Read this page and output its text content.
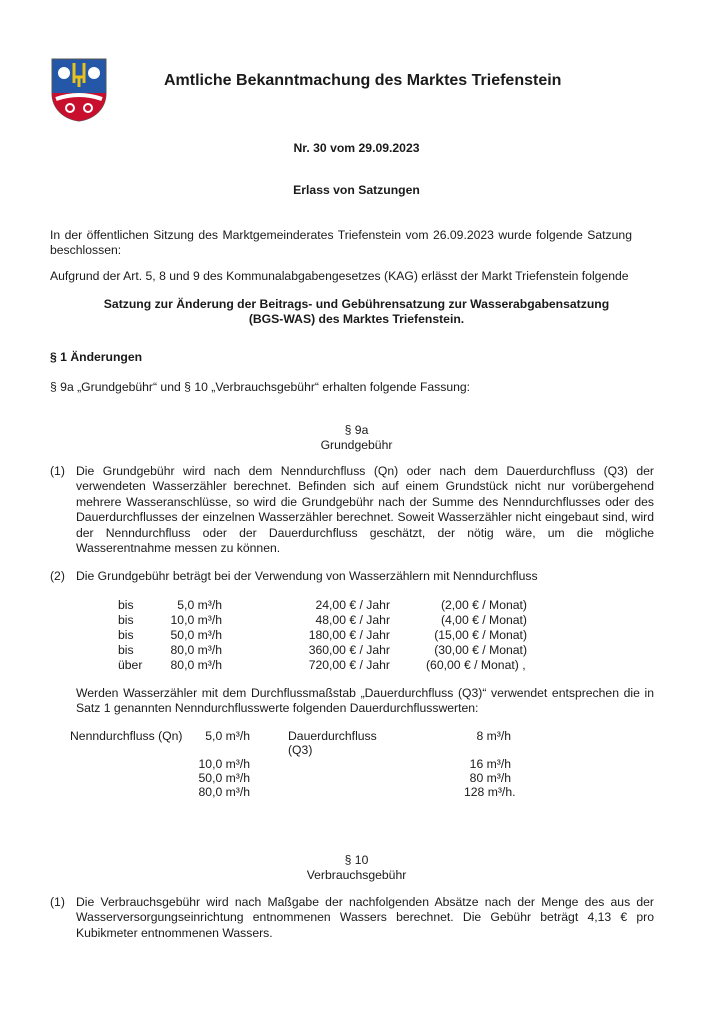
Amtliche Bekanntmachung des Marktes Triefenstein
Nr. 30 vom 29.09.2023
Erlass von Satzungen
In der öffentlichen Sitzung des Marktgemeinderates Triefenstein vom 26.09.2023 wurde folgende Satzung beschlossen:
Aufgrund der Art. 5, 8 und 9 des Kommunalabgabengesetzes (KAG) erlässt der Markt Triefenstein folgende
Satzung zur Änderung der Beitrags- und Gebührensatzung zur Wasserabgabensatzung
(BGS-WAS) des Marktes Triefenstein.
§ 1 Änderungen
§ 9a „Grundgebühr“ und § 10 „Verbrauchsgebühr“ erhalten folgende Fassung:
§ 9a
Grundgebühr
(1) Die Grundgebühr wird nach dem Nenndurchfluss (Qn) oder nach dem Dauerdurchfluss (Q3) der verwendeten Wasserzähler berechnet. Befinden sich auf einem Grundstück nicht nur vorübergehend mehrere Wasseranschlüsse, so wird die Grundgebühr nach der Summe des Nenndurchflusses oder des Dauerdurchflusses der einzelnen Wasserzähler berechnet. Soweit Wasserzähler nicht eingebaut sind, wird der Nenndurchfluss oder der Dauerdurchfluss geschätzt, der nötig wäre, um die mögliche Wasserentnahme messen zu können.
(2) Die Grundgebühr beträgt bei der Verwendung von Wasserzählern mit Nenndurchfluss
bis	5,0 m³/h	24,00 € / Jahr	(2,00 € / Monat)
bis	10,0 m³/h	48,00 € / Jahr	(4,00 € / Monat)
bis	50,0 m³/h	180,00 € / Jahr	(15,00 € / Monat)
bis	80,0 m³/h	360,00 € / Jahr	(30,00 € / Monat)
über	80,0 m³/h	720,00 € / Jahr	(60,00 € / Monat) ,
Werden Wasserzähler mit dem Durchflussmaßstab „Dauerdurchfluss (Q3)“ verwendet entsprechen die in Satz 1 genannten Nenndurchflusswerte folgenden Dauerdurchflusswerten:
Nenndurchfluss (Qn)	Dauerdurchfluss
(Q3)
5,0 m³/h	8 m³/h
10,0 m³/h	16 m³/h
50,0 m³/h	80 m³/h
80,0 m³/h	128 m³/h.
§ 10
Verbrauchsgebühr
(1) Die Verbrauchsgebühr wird nach Maßgabe der nachfolgenden Absätze nach der Menge des aus der Wasserversorgungseinrichtung entnommenen Wassers berechnet. Die Gebühr beträgt 4,13 € pro Kubikmeter entnommenen Wassers.
